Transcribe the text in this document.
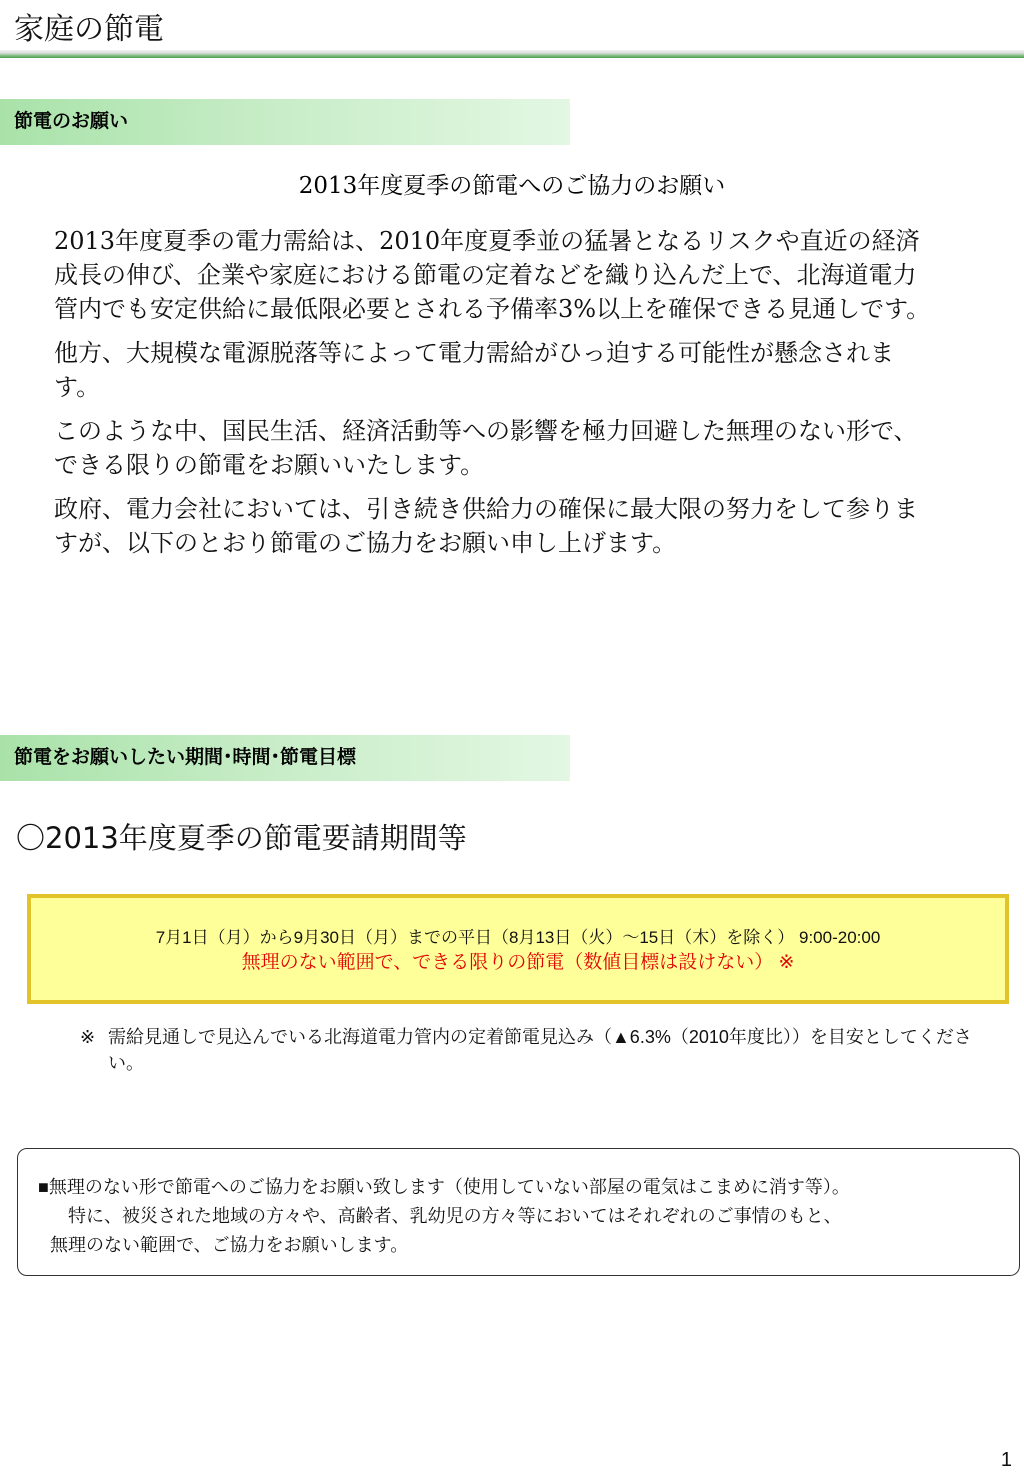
家庭の節電
節電のお願い
2013年度夏季の節電へのご協力のお願い

2013年度夏季の電力需給は、2010年度夏季並の猛暑となるリスクや直近の経済成長の伸び、企業や家庭における節電の定着などを織り込んだ上で、北海道電力管内でも安定供給に最低限必要とされる予備率3%以上を確保できる見通しです。

他方、大規模な電源脱落等によって電力需給がひっ迫する可能性が懸念されます。

このような中、国民生活、経済活動等への影響を極力回避した無理のない形で、できる限りの節電をお願いいたします。

政府、電力会社においては、引き続き供給力の確保に最大限の努力をして参りますが、以下のとおり節電のご協力をお願い申し上げます。

節電をお願いしたい期間･時間･節電目標
〇2013年度夏季の節電要請期間等
7月1日（月）から9月30日（月）までの平日（8月13日（火）～15日（木）を除く） 9:00-20:00
無理のない範囲で、できる限りの節電（数値目標は設けない） ※
※ 需給見通しで見込んでいる北海道電力管内の定着節電見込み（▲6.3%（2010年度比））を目安としてください。
■無理のない形で節電へのご協力をお願い致します（使用していない部屋の電気はこまめに消す等）。
特に、被災された地域の方々や、高齢者、乳幼児の方々等においてはそれぞれのご事情のもと、
無理のない範囲で、ご協力をお願いします。
1
